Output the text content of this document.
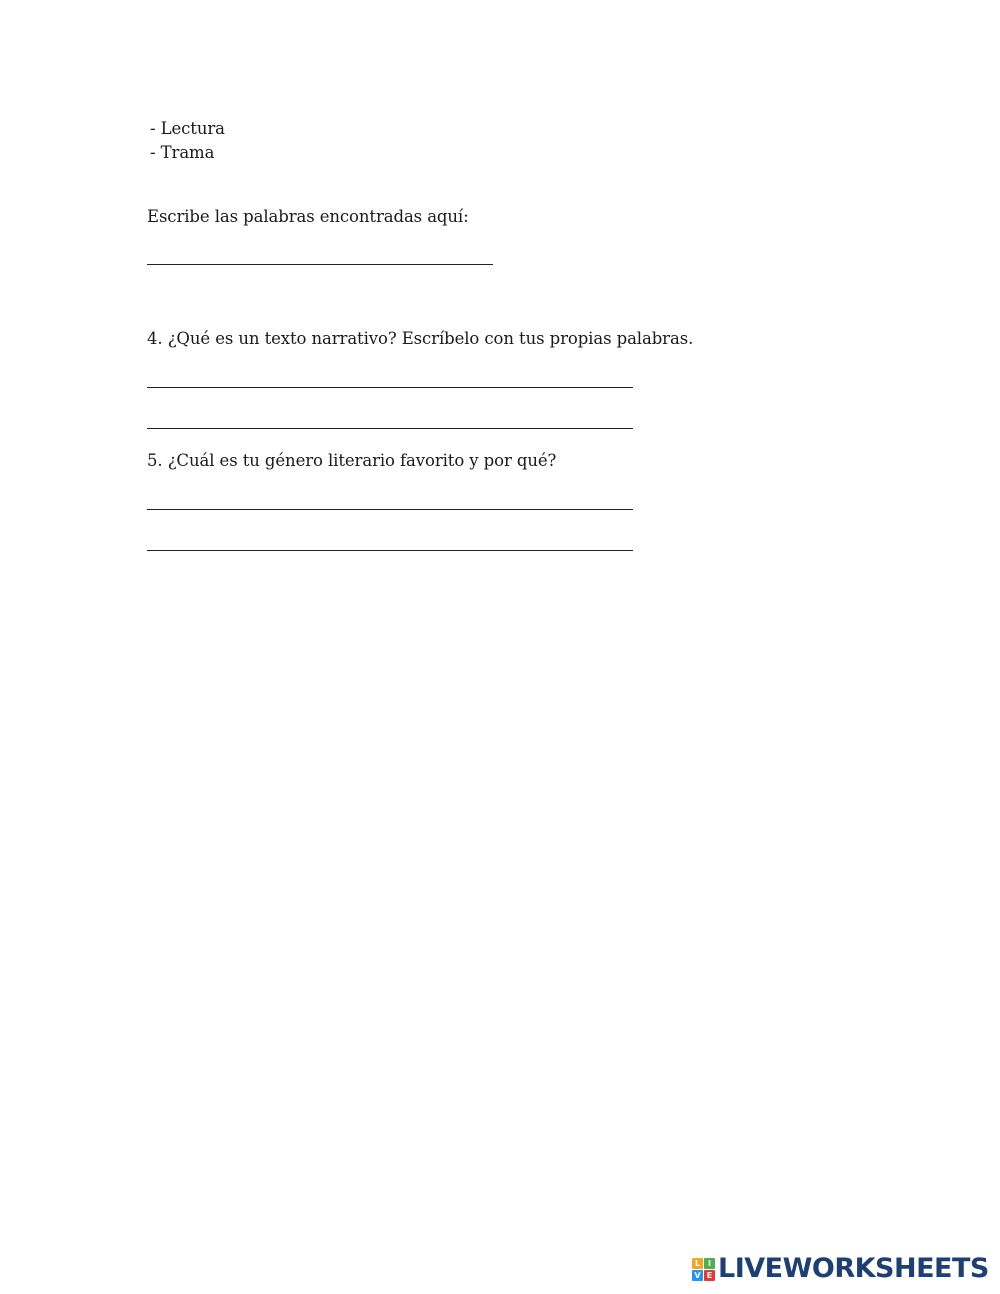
- Lectura
- Trama
Escribe las palabras encontradas aquí:
4. ¿Qué es un texto narrativo? Escríbelo con tus propias palabras.
5. ¿Cuál es tu género literario favorito y por qué?
L I
V E LIVEWORKSHEETS
